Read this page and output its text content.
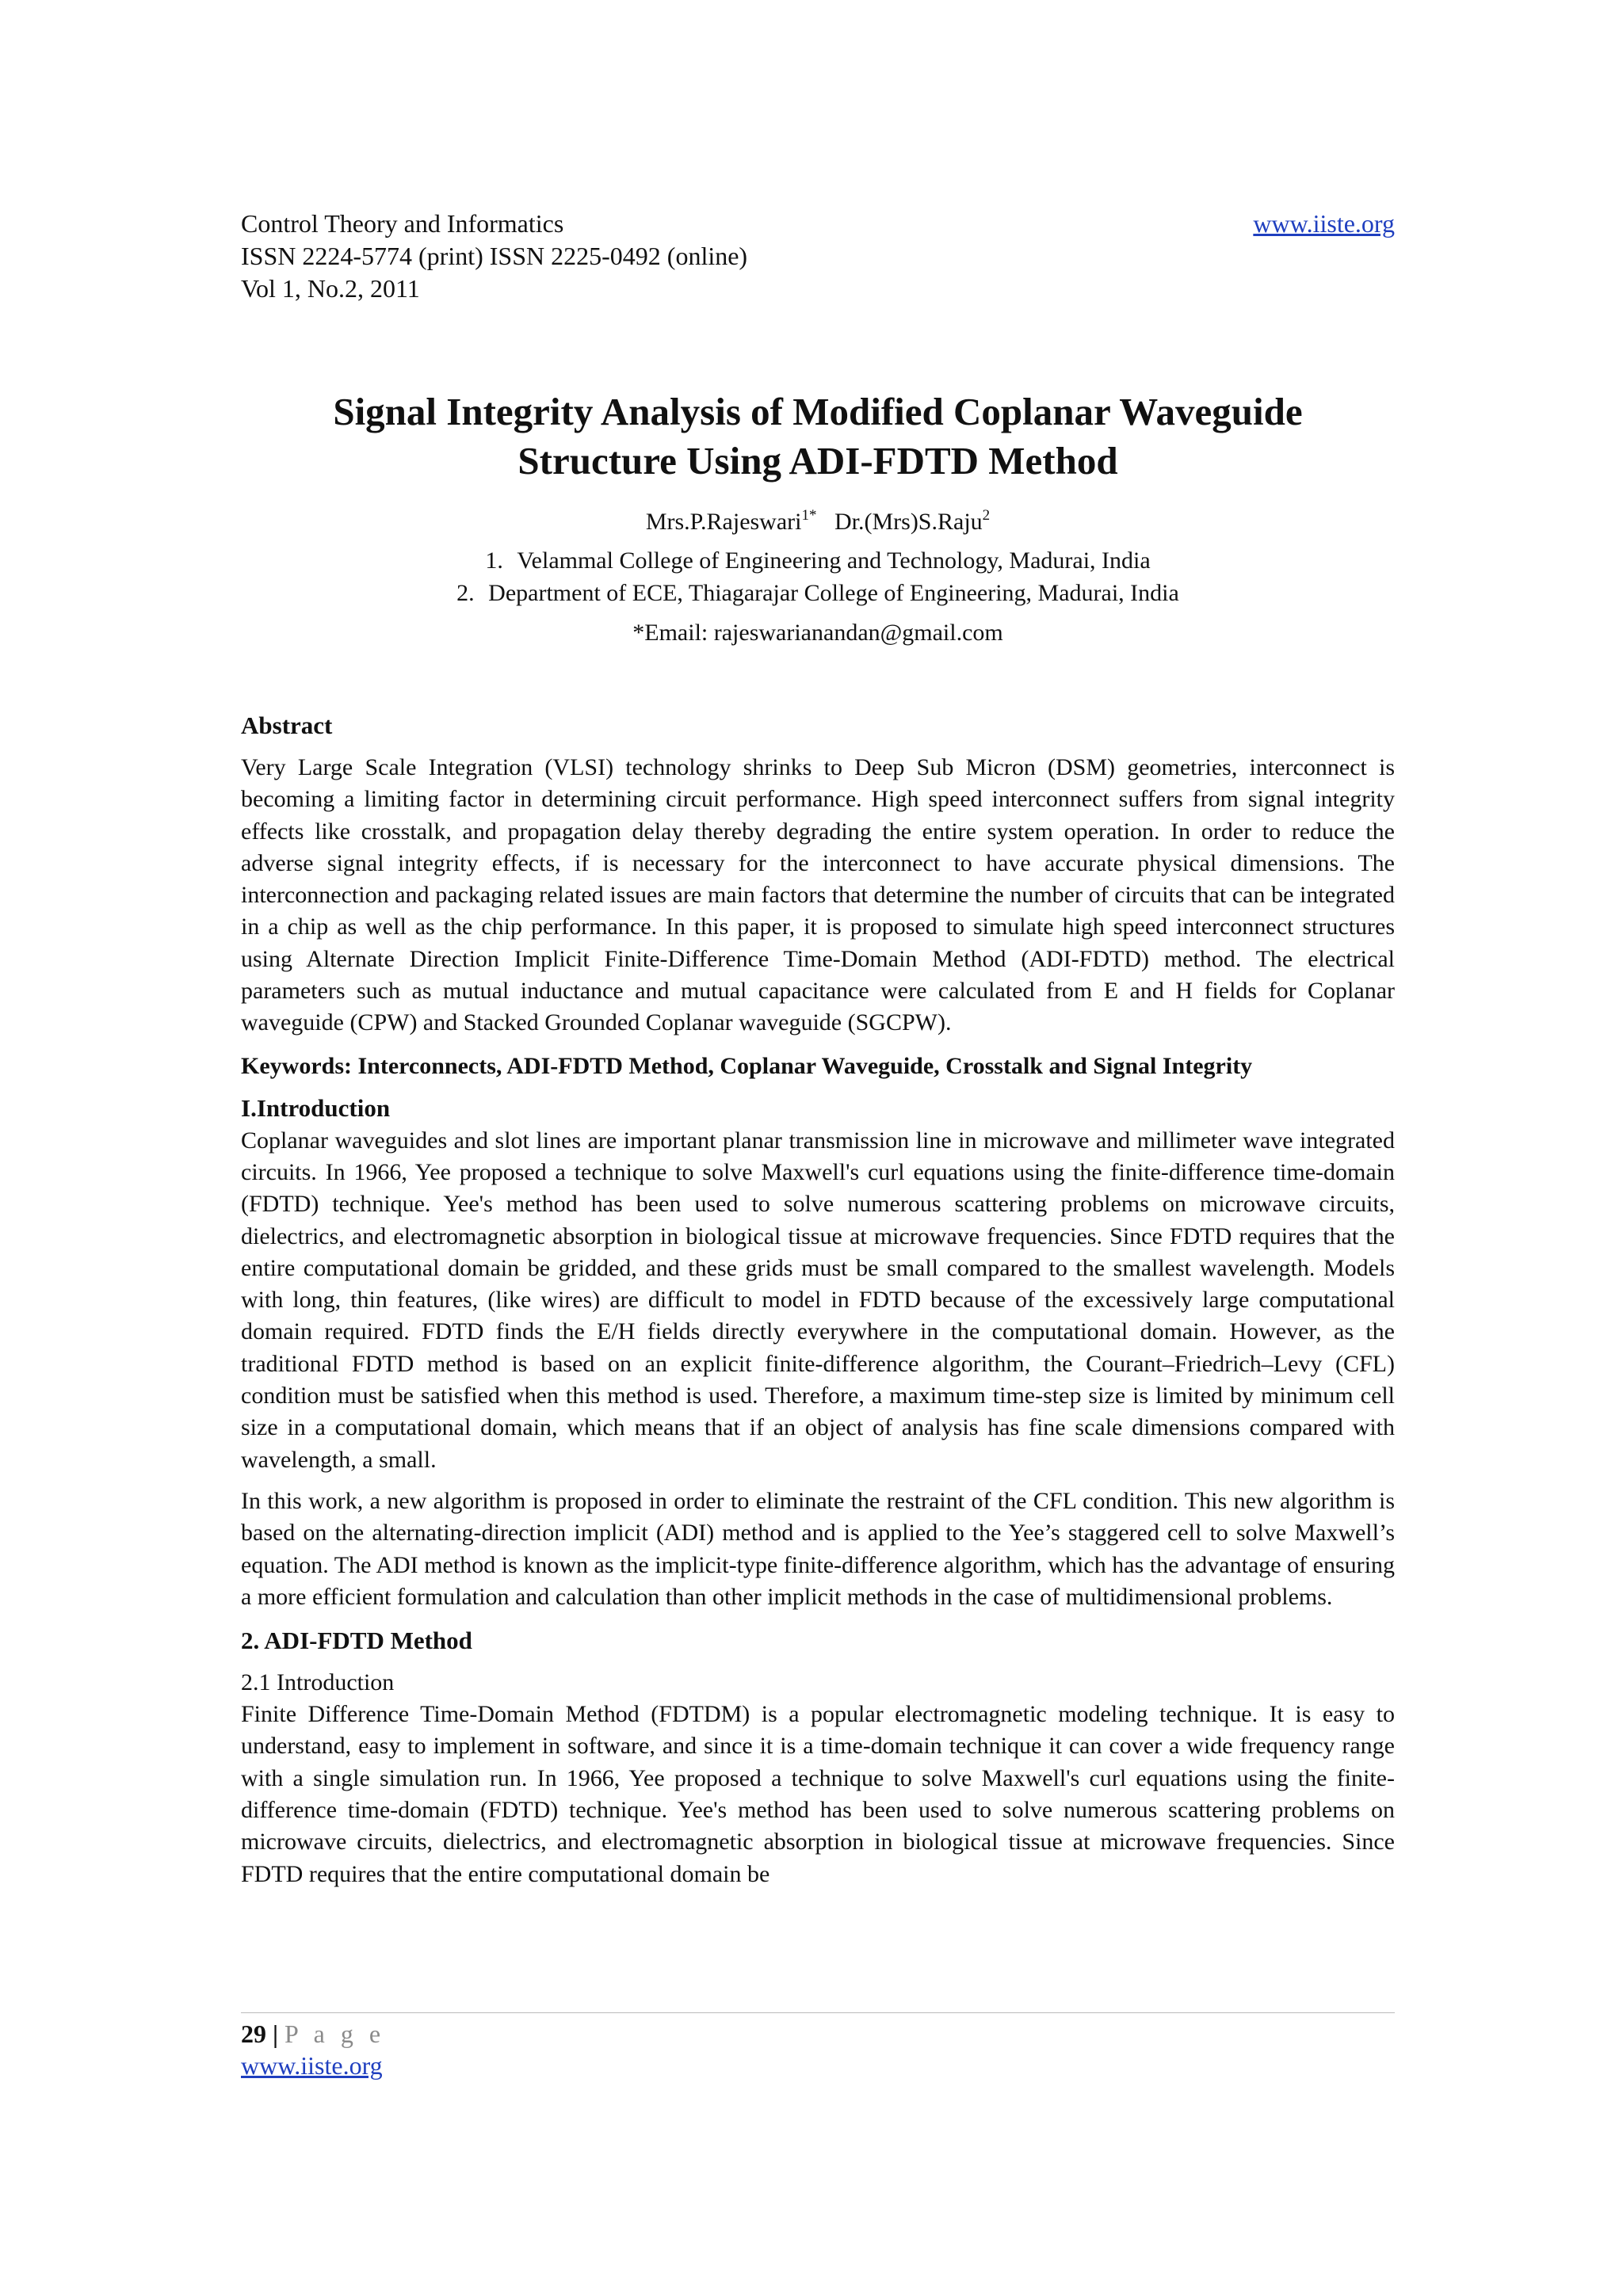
Control Theory and Informatics
ISSN 2224-5774 (print) ISSN 2225-0492 (online)
Vol 1, No.2, 2011
www.iiste.org
Signal Integrity Analysis of Modified Coplanar Waveguide
Structure Using ADI-FDTD Method
Mrs.P.Rajeswari$^{1*}$ Dr.(Mrs)S.Raju$^2$
1. Velammal College of Engineering and Technology, Madurai, India
2. Department of ECE, Thiagarajar College of Engineering, Madurai, India
*Email: rajeswarianandan@gmail.com
Abstract

Very Large Scale Integration (VLSI) technology shrinks to Deep Sub Micron (DSM) geometries, interconnect is becoming a limiting factor in determining circuit performance. High speed interconnect suffers from signal integrity effects like crosstalk, and propagation delay thereby degrading the entire system operation. In order to reduce the adverse signal integrity effects, if is necessary for the interconnect to have accurate physical dimensions. The interconnection and packaging related issues are main factors that determine the number of circuits that can be integrated in a chip as well as the chip performance. In this paper, it is proposed to simulate high speed interconnect structures using Alternate Direction Implicit Finite-Difference Time-Domain Method (ADI-FDTD) method. The electrical parameters such as mutual inductance and mutual capacitance were calculated from E and H fields for Coplanar waveguide (CPW) and Stacked Grounded Coplanar waveguide (SGCPW).

Keywords: Interconnects, ADI-FDTD Method, Coplanar Waveguide, Crosstalk and Signal Integrity
I.Introduction

Coplanar waveguides and slot lines are important planar transmission line in microwave and millimeter wave integrated circuits. In 1966, Yee proposed a technique to solve Maxwell's curl equations using the finite-difference time-domain (FDTD) technique. Yee's method has been used to solve numerous scattering problems on microwave circuits, dielectrics, and electromagnetic absorption in biological tissue at microwave frequencies. Since FDTD requires that the entire computational domain be gridded, and these grids must be small compared to the smallest wavelength. Models with long, thin features, (like wires) are difficult to model in FDTD because of the excessively large computational domain required. FDTD finds the E/H fields directly everywhere in the computational domain. However, as the traditional FDTD method is based on an explicit finite-difference algorithm, the Courant–Friedrich–Levy (CFL) condition must be satisfied when this method is used. Therefore, a maximum time-step size is limited by minimum cell size in a computational domain, which means that if an object of analysis has fine scale dimensions compared with wavelength, a small.

In this work, a new algorithm is proposed in order to eliminate the restraint of the CFL condition. This new algorithm is based on the alternating-direction implicit (ADI) method and is applied to the Yee’s staggered cell to solve Maxwell’s equation. The ADI method is known as the implicit-type finite-difference algorithm, which has the advantage of ensuring a more efficient formulation and calculation than other implicit methods in the case of multidimensional problems.

2. ADI-FDTD Method
2.1 Introduction

Finite Difference Time-Domain Method (FDTDM) is a popular electromagnetic modeling technique. It is easy to understand, easy to implement in software, and since it is a time-domain technique it can cover a wide frequency range with a single simulation run. In 1966, Yee proposed a technique to solve Maxwell's curl equations using the finite-difference time-domain (FDTD) technique. Yee's method has been used to solve numerous scattering problems on microwave circuits, dielectrics, and electromagnetic absorption in biological tissue at microwave frequencies. Since FDTD requires that the entire computational domain be

29 | P a g e
www.iiste.org
